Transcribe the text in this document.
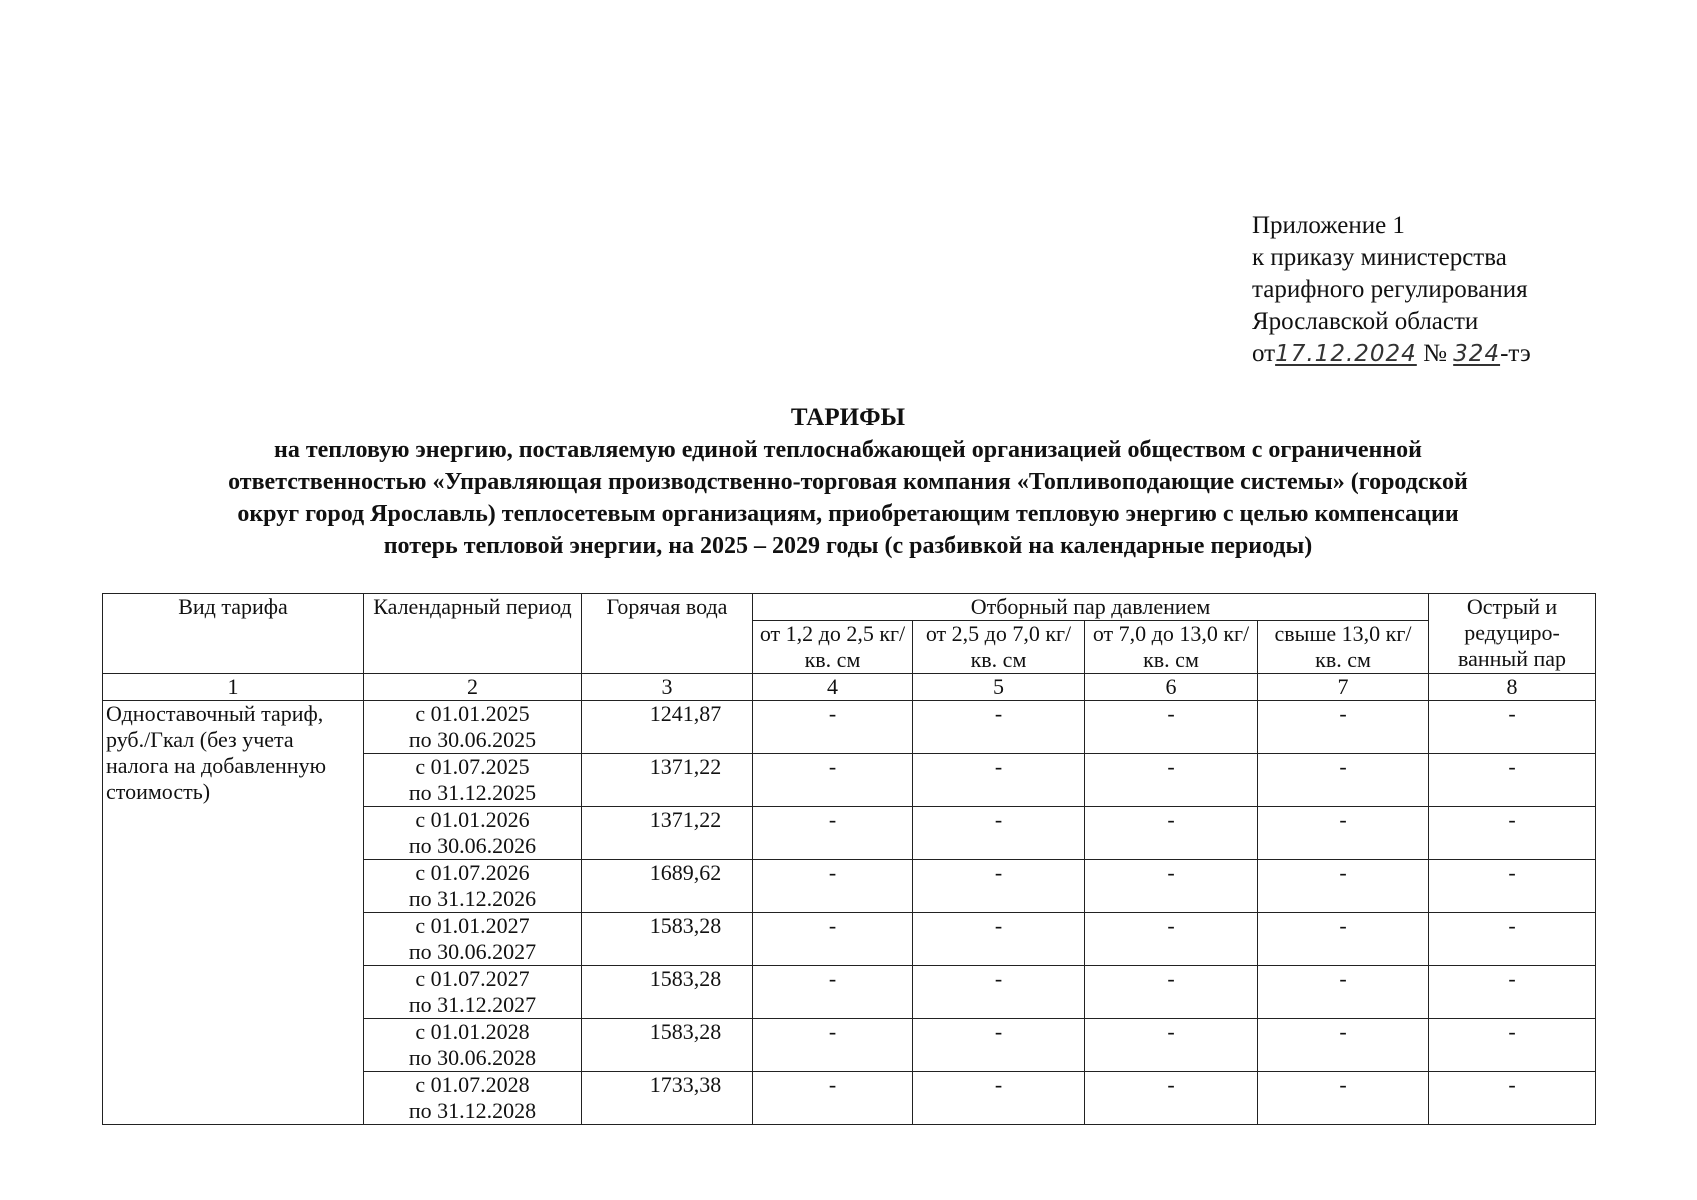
Приложение 1
к приказу министерства
тарифного регулирования
Ярославской области
от17.12.2024 № 324-тэ
ТАРИФЫ
на тепловую энергию, поставляемую единой теплоснабжающей организацией обществом с ограниченной
ответственностью «Управляющая производственно-торговая компания «Топливоподающие системы» (городской
округ город Ярославль) теплосетевым организациям, приобретающим тепловую энергию с целью компенсации
потерь тепловой энергии, на 2025 – 2029 годы (с разбивкой на календарные периоды)
Вид тарифа	Календарный период	Горячая вода	Отборный пар давлением				Острый и редуциро-ванный пар
			от 1,2 до 2,5 кг/ кв. см	от 2,5 до 7,0 кг/ кв. см	от 7,0 до 13,0 кг/ кв. см	свыше 13,0 кг/ кв. см	
1	2	3	4	5	6	7	8
Одноставочный тариф, руб./Гкал (без учета налога на добавленную стоимость)	с 01.01.2025
по 30.06.2025	1241,87	-	-	-	-	-

	с 01.07.2025
по 31.12.2025	1371,22	-	-	-	-	-

	с 01.01.2026
по 30.06.2026	1371,22	-	-	-	-	-

	с 01.07.2026
по 31.12.2026	1689,62	-	-	-	-	-

	с 01.01.2027
по 30.06.2027	1583,28	-	-	-	-	-

	с 01.07.2027
по 31.12.2027	1583,28	-	-	-	-	-

	с 01.01.2028
по 30.06.2028	1583,28	-	-	-	-	-

	с 01.07.2028
по 31.12.2028	1733,38	-	-	-	-	-
